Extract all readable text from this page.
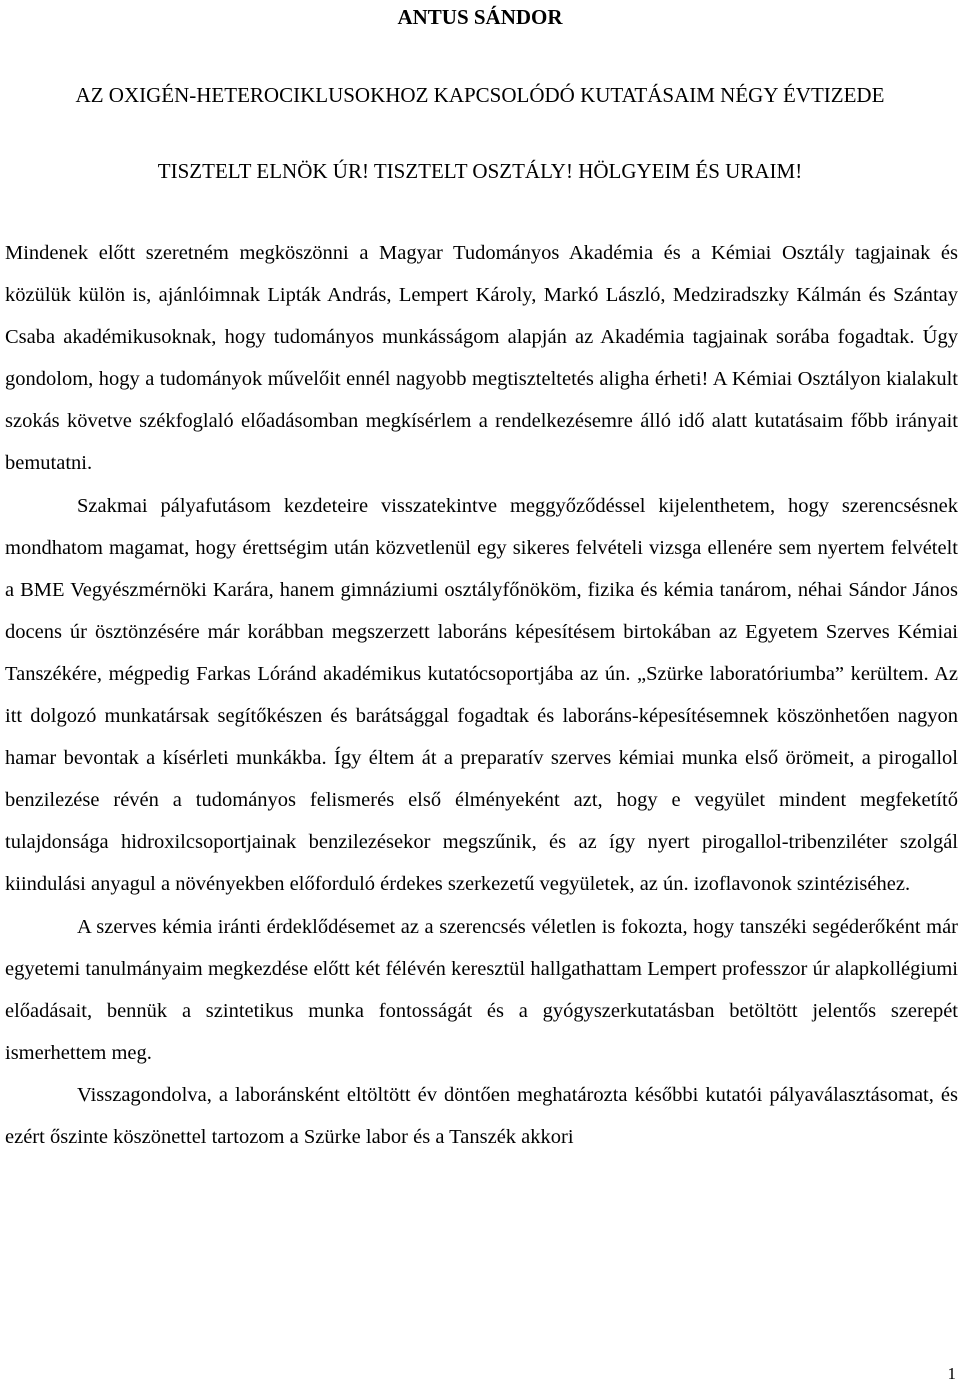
ANTUS SÁNDOR
AZ OXIGÉN-HETEROCIKLUSOKHOZ KAPCSOLÓDÓ KUTATÁSAIM NÉGY ÉVTIZEDE
TISZTELT ELNÖK ÚR! TISZTELT OSZTÁLY! HÖLGYEIM ÉS URAIM!

Mindenek előtt szeretném megköszönni a Magyar Tudományos Akadémia és a Kémiai Osztály tagjainak és közülük külön is, ajánlóimnak Lipták András, Lempert Károly, Markó László, Medziradszky Kálmán és Szántay Csaba akadémikusoknak, hogy tudományos munkásságom alapján az Akadémia tagjainak sorába fogadtak. Úgy gondolom, hogy a tudományok művelőit ennél nagyobb megtiszteltetés aligha érheti! A Kémiai Osztályon kialakult szokás követve székfoglaló előadásomban megkísérlem a rendelkezésemre álló idő alatt kutatásaim főbb irányait bemutatni.

Szakmai pályafutásom kezdeteire visszatekintve meggyőződéssel kijelenthetem, hogy szerencsésnek mondhatom magamat, hogy érettségim után közvetlenül egy sikeres felvételi vizsga ellenére sem nyertem felvételt a BME Vegyészmérnöki Karára, hanem gimnáziumi osztályfőnököm, fizika és kémia tanárom, néhai Sándor János docens úr ösztönzésére már korábban megszerzett laboráns képesítésem birtokában az Egyetem Szerves Kémiai Tanszékére, mégpedig Farkas Lóránd akadémikus kutatócsoportjába az ún. „Szürke laboratóriumba” kerültem. Az itt dolgozó munkatársak segítőkészen és barátsággal fogadtak és laboráns-képesítésemnek köszönhetően nagyon hamar bevontak a kísérleti munkákba. Így éltem át a preparatív szerves kémiai munka első örömeit, a pirogallol benzilezése révén a tudományos felismerés első élményeként azt, hogy e vegyület mindent megfeketítő tulajdonsága hidroxilcsoportjainak benzilezésekor megszűnik, és az így nyert pirogallol-tribenziléter szolgál kiindulási anyagul a növényekben előforduló érdekes szerkezetű vegyületek, az ún. izoflavonok szintéziséhez.

A szerves kémia iránti érdeklődésemet az a szerencsés véletlen is fokozta, hogy tanszéki segéderőként már egyetemi tanulmányaim megkezdése előtt két félévén keresztül hallgathattam Lempert professzor úr alapkollégiumi előadásait, bennük a szintetikus munka fontosságát és a gyógyszerkutatásban betöltött jelentős szerepét ismerhettem meg.

Visszagondolva, a laboránsként eltöltött év döntően meghatározta későbbi kutatói pályaválasztásomat, és ezért őszinte köszönettel tartozom a Szürke labor és a Tanszék akkori

1
